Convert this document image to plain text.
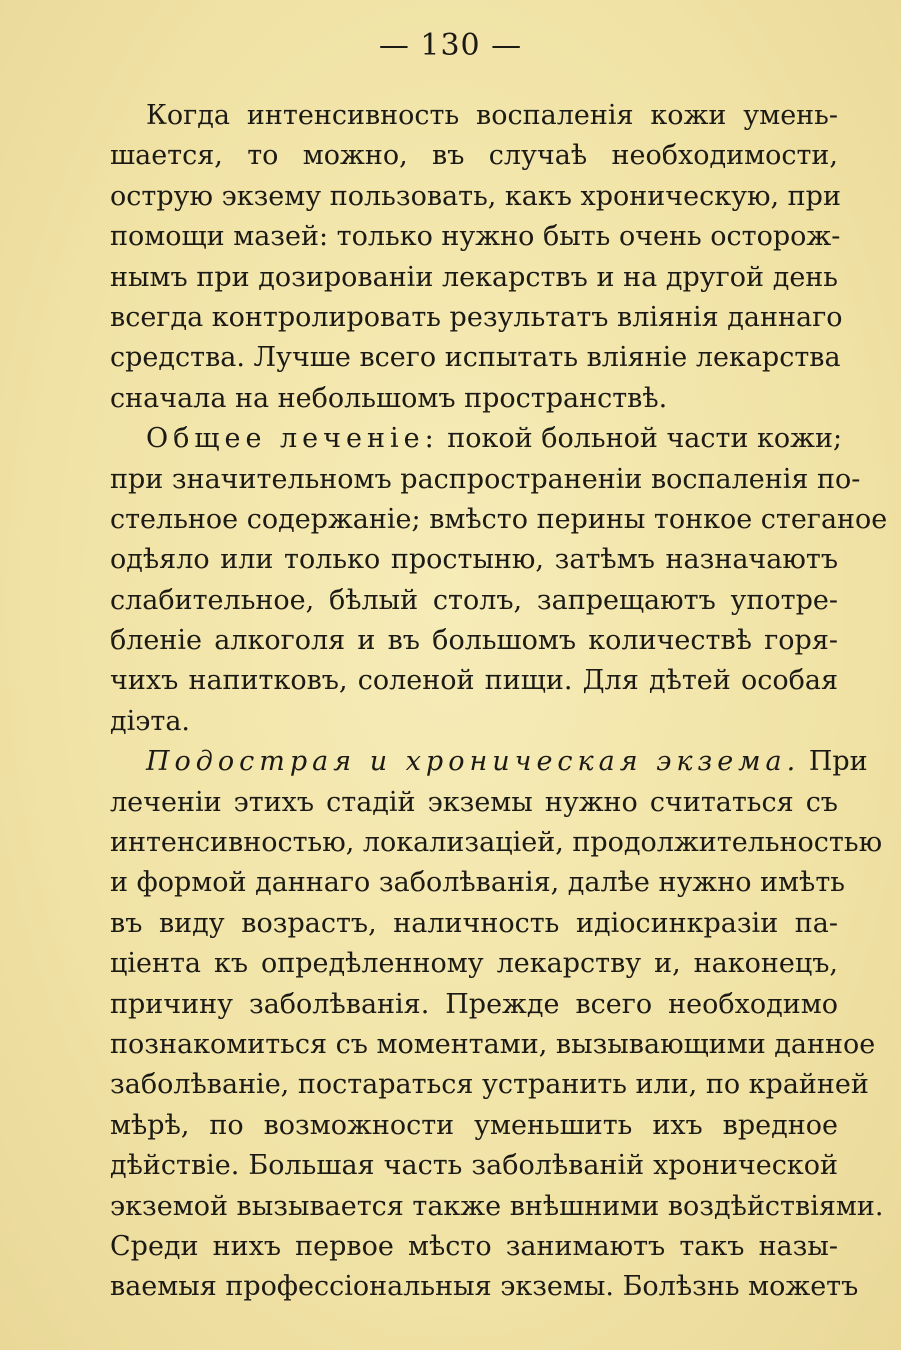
— 130 —
Когда интенсивность воспаленія кожи умень-
шается, то можно, въ случаѣ необходимости,
острую экзему пользовать, какъ хроническую, при
помощи мазей: только нужно быть очень осторож-
нымъ при дозированіи лекарствъ и на другой день
всегда контролировать результатъ вліянія даннаго
средства. Лучше всего испытать вліяніе лекарства
сначала на небольшомъ пространствѣ.
Общее леченіе: покой больной части кожи;
при значительномъ распространеніи воспаленія по-
стельное содержаніе; вмѣсто перины тонкое стеганое
одѣяло или только простыню, затѣмъ назначаютъ
слабительное, бѣлый столъ, запрещаютъ употре-
бленіе алкоголя и въ большомъ количествѣ горя-
чихъ напитковъ, соленой пищи. Для дѣтей особая
діэта.
Подострая и хроническая экзема. При
леченіи этихъ стадій экземы нужно считаться съ
интенсивностью, локализаціей, продолжительностью
и формой даннаго заболѣванія, далѣе нужно имѣть
въ виду возрастъ, наличность идіосинкразіи па-
ціента къ опредѣленному лекарству и, наконецъ,
причину заболѣванія. Прежде всего необходимо
познакомиться съ моментами, вызывающими данное
заболѣваніе, постараться устранить или, по крайней
мѣрѣ, по возможности уменьшить ихъ вредное
дѣйствіе. Большая часть заболѣваній хронической
экземой вызывается также внѣшними воздѣйствіями.
Среди нихъ первое мѣсто занимаютъ такъ назы-
ваемыя профессіональныя экземы. Болѣзнь можетъ
